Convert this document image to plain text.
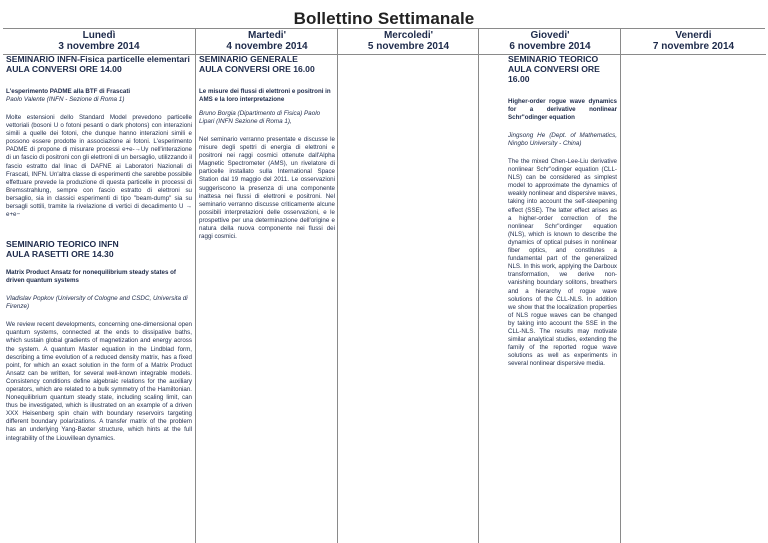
Bollettino Settimanale
Lunedì
3 novembre 2014
SEMINARIO INFN-Fisica particelle elementari
AULA CONVERSI ORE 14.00
L'esperimento PADME alla BTF di Frascati
Paolo Valente (INFN - Sezione di Roma 1)
Molte estensioni dello Standard Model prevedono particelle vettoriali (bosoni U o fotoni pesanti o dark photons) con interazioni simili a quelle dei fotoni, che dunque hanno interazioni simili e possono essere prodotte in associazione ai fotoni. L'esperimento PADME di propone di misurare processi e+e-→Uγ nell'interazione di un fascio di positroni con gli elettroni di un bersaglio, utilizzando il fascio estratto dal linac di DAFNE ai Laboratori Nazionali di Frascati, INFN. Un'altra classe di esperimenti che sarebbe possibile effettuare prevede la produzione di questa particelle in processi di Bremsstrahlung, sempre con fascio estratto di elettroni su bersaglio, sia in classici esperimenti di tipo "beam-dump" sia su bersagli sottili, tramite la rivelazione di vertici di decadimento U → e+e−
SEMINARIO TEORICO INFN
AULA RASETTI ORE 14.30
Matrix Product Ansatz for nonequilibrium steady states of driven quantum systems
Vladislav Popkov (University of Cologne and CSDC, Universita di Firenze)
We review recent developments, concerning one-dimensional open quantum systems, connected at the ends to dissipative baths, which sustain global gradients of magnetization and energy across the system. A quantum Master equation in the Lindblad form, describing a time evolution of a reduced density matrix, has a fixed point, for which an exact solution in the form of a Matrix Product Ansatz can be written, for several well-known integrable models. Consistency conditions define algebraic relations for the auxiliary operators, which are related to a bulk symmetry of the Hamiltonian. Nonequilibrium quantum steady state, including scaling limit, can thus be investigated, which is illustrated on an example of a driven XXX Heisenberg spin chain with boundary reservoirs targeting different boundary polarizations. A transfer matrix of the problem has an underlying Yang-Baxter structure, which hints at the full integrability of the Liouvillean dynamics.
Martedi'
4 novembre 2014
SEMINARIO GENERALE
AULA CONVERSI ORE 16.00
Le misure dei flussi di elettroni e positroni in AMS e la loro interpretazione
Bruno Borgia (Dipartimento di Fisica) Paolo Lipari (INFN Sezione di Roma 1),
Nel seminario verranno presentate e discusse le misure degli spettri di energia di elettroni e positroni nei raggi cosmici ottenute dall'Alpha Magnetic Spectrometer (AMS), un rivelatore di particelle installato sulla International Space Station dal 19 maggio del 2011. Le osservazioni suggeriscono la presenza di una componente inattesa nei flussi di elettroni e positroni. Nel seminario verranno discusse criticamente alcune possibili interpretazioni delle osservazioni, e le prospettive per una determinazione dell'origine e natura della nuova componente nei flussi dei raggi cosmici.
Mercoledi'
5 novembre 2014
Giovedi'
6 novembre 2014
SEMINARIO TEORICO
AULA CONVERSI ORE 16.00
Higher-order rogue wave dynamics for a derivative nonlinear Schr"odinger equation
Jingsong He (Dept. of Mathematics, Ningbo University - China)
The the mixed Chen-Lee-Liu derivative nonlinear Schr"odinger equation (CLL-NLS) can be considered as simplest model to approximate the dynamics of weakly nonlinear and dispersive waves, taking into account the self-steepening effect (SSE). The latter effect arises as a higher-order correction of the nonlinear Schr"ordinger equation (NLS), which is known to describe the dynamics of optical pulses in nonlinear fiber optics, and constitutes a fundamental part of the generalized NLS. In this work, applying the Darboux transformation, we derive non-vanishing boundary solitons, breathers and a hierarchy of rogue wave solutions of the CLL-NLS. In addition we show that the localization properties of NLS rogue waves can be changed by taking into account the SSE in the CLL-NLS. The results may motivate similar analytical studies, extending the family of the reported rogue wave solutions as well as experiments in several nonlinear dispersive media.
Venerdi
7 novembre 2014
